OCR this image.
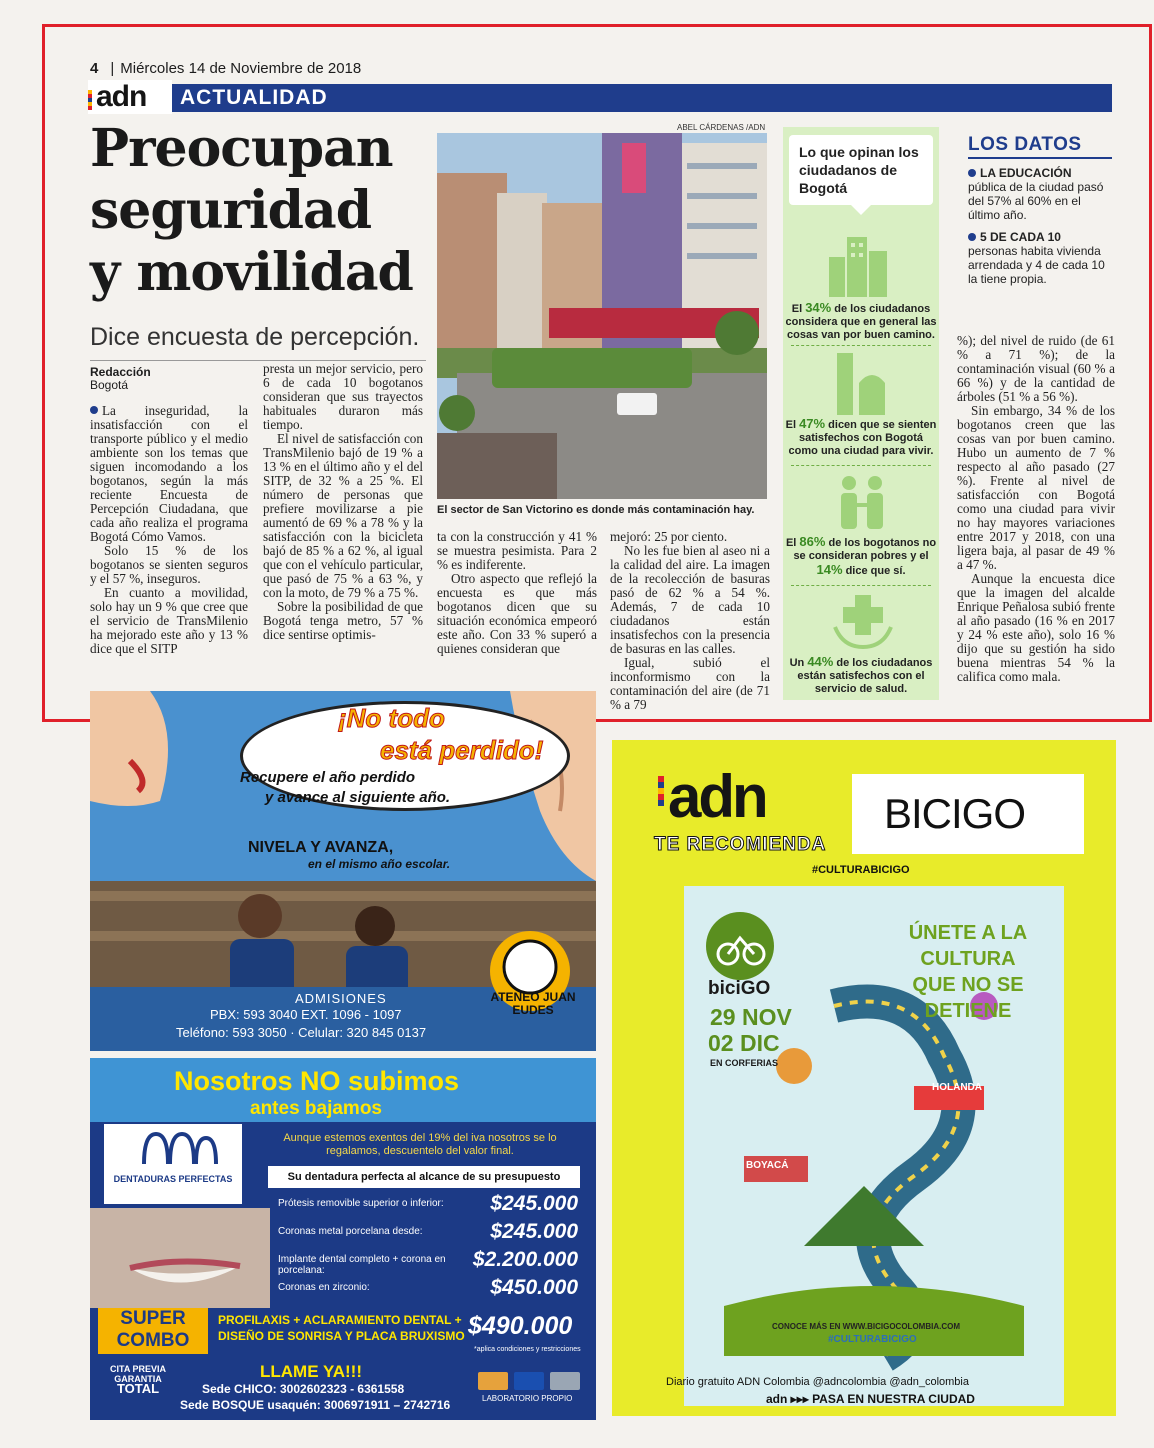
4 | Miércoles 14 de Noviembre de 2018
adn	ACTUALIDAD
Preocupan
seguridad
y movilidad
Dice encuesta de percepción.
Redacción
Bogotá

La inseguridad, la insatisfacción con el transporte público y el medio ambiente son los temas que siguen incomodando a los bogotanos, según la más reciente Encuesta de Percepción Ciudadana, que cada año realiza el programa Bogotá Cómo Vamos.

Solo 15 % de los bogotanos se sienten seguros y el 57 %, inseguros.

En cuanto a movilidad, solo hay un 9 % que cree que el servicio de TransMilenio ha mejorado este año y 13 % dice que el SITP

presta un mejor servicio, pero 6 de cada 10 bogotanos consideran que sus trayectos habituales duraron más tiempo.

El nivel de satisfacción con TransMilenio bajó de 19 % a 13 % en el último año y el del SITP, de 32 % a 25 %. El número de personas que prefiere movilizarse a pie aumentó de 69 % a 78 % y la satisfacción con la bicicleta bajó de 85 % a 62 %, al igual que con el vehículo particular, que pasó de 75 % a 63 %, y con la moto, de 79 % a 75 %.

Sobre la posibilidad de que Bogotá tenga metro, 57 % dice sentirse optimis-

ta con la construcción y 41 % se muestra pesimista. Para 2 % es indiferente.

Otro aspecto que reflejó la encuesta es que más bogotanos dicen que su situación económica empeoró este año. Con 33 % superó a quienes consideran que

mejoró: 25 por ciento.

No les fue bien al aseo ni a la calidad del aire. La imagen de la recolección de basuras pasó de 62 % a 54 %. Además, 7 de cada 10 ciudadanos están insatisfechos con la presencia de basuras en las calles.

Igual, subió el inconformismo con la contaminación del aire (de 71 % a 79

%); del nivel de ruido (de 61 % a 71 %); de la contaminación visual (60 % a 66 %) y de la cantidad de árboles (51 % a 56 %).

Sin embargo, 34 % de los bogotanos creen que las cosas van por buen camino. Hubo un aumento de 7 % respecto al año pasado (27 %). Frente al nivel de satisfacción con Bogotá como una ciudad para vivir no hay mayores variaciones entre 2017 y 2018, con una ligera baja, al pasar de 49 % a 47 %.

Aunque la encuesta dice que la imagen del alcalde Enrique Peñalosa subió frente al año pasado (16 % en 2017 y 24 % este año), solo 16 % dijo que su gestión ha sido buena mientras 54 % la califica como mala.

ABEL CÁRDENAS /ADN
El sector de San Victorino es donde más contaminación hay.
Lo que opinan los ciudadanos de Bogotá
El 34% de los ciudadanos considera que en general las cosas van por buen camino.
El 47% dicen que se sienten satisfechos con Bogotá como una ciudad para vivir.
El 86% de los bogotanos no se consideran pobres y el 14% dice que sí.
Un 44% de los ciudadanos están satisfechos con el servicio de salud.
LOS DATOS
LA EDUCACIÓN pública de la ciudad pasó del 57% al 60% en el último año.
5 DE CADA 10 personas habita vivienda arrendada y 4 de cada 10 la tiene propia.
¡No todo
está perdido!
Recupere el año perdido
y avance al siguiente año.
NIVELA Y AVANZA,
en el mismo año escolar.
ADMISIONES
PBX: 593 3040 EXT. 1096 - 1097
Teléfono: 593 3050 · Celular: 320 845 0137
ATENEO JUAN EUDES
Nosotros NO subimos
antes bajamos
DENTADURAS PERFECTAS
Aunque estemos exentos del 19% del iva nosotros se lo regalamos, descuentelo del valor final.
Su dentadura perfecta al alcance de su presupuesto
Prótesis removible superior o inferior:	$245.000
Coronas metal porcelana desde:	$245.000
Implante dental completo + corona en porcelana:	$2.200.000
Coronas en zirconio:	$450.000
SUPER
COMBO
PROFILAXIS + ACLARAMIENTO DENTAL + DISEÑO DE SONRISA Y PLACA BRUXISMO $490.000
*aplica condiciones y restricciones
CITA PREVIA GARANTIA
TOTAL
LLAME YA!!!
Sede CHICO: 3002602323 - 6361558
Sede BOSQUE usaquén: 3006971911 – 2742716	LABORATORIO PROPIO
adn
TE RECOMIENDA
BICIGO
#CULTURABICIGO
biciGO
29 NOV
02 DIC
EN CORFERIAS
ÚNETE A LA CULTURA QUE NO SE DETIENE
HOLANDA
BOYACÁ
CONOCE MÁS EN WWW.BICIGOCOLOMBIA.COM
#CULTURABICIGO
Diario gratuito ADN Colombia @adncolombia @adn_colombia
adn ▸▸▸ PASA EN NUESTRA CIUDAD
